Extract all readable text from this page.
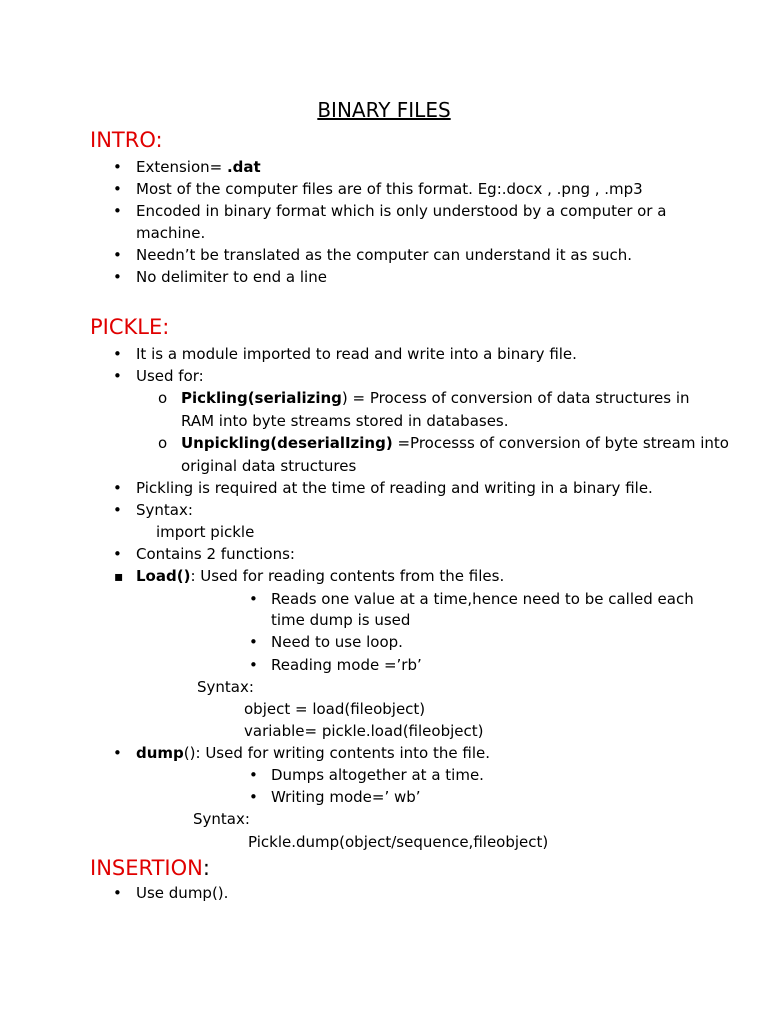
BINARY FILES
INTRO:
•
Extension= .dat
•
Most of the computer files are of this format. Eg:.docx , .png , .mp3
•
Encoded in binary format which is only understood by a computer or a
machine.
•
Needn’t be translated as the computer can understand it as such.
•
No delimiter to end a line
PICKLE:
•
It is a module imported to read and write into a binary file.
•
Used for:
o
Pickling(serializing) = Process of conversion of data structures in
RAM into byte streams stored in databases.
o
Unpickling(deserialIzing) =Processs of conversion of byte stream into
original data structures
•
Pickling is required at the time of reading and writing in a binary file.
•
Syntax:
import pickle
•
Contains 2 functions:
▪
Load(): Used for reading contents from the files.
•
Reads one value at a time,hence need to be called each
time dump is used
•
Need to use loop.
•
Reading mode =’rb’
Syntax:
object = load(fileobject)
variable= pickle.load(fileobject)
•
dump(): Used for writing contents into the file.
•
Dumps altogether at a time.
•
Writing mode=’ wb’
Syntax:
Pickle.dump(object/sequence,fileobject)
INSERTION:
•
Use dump().
